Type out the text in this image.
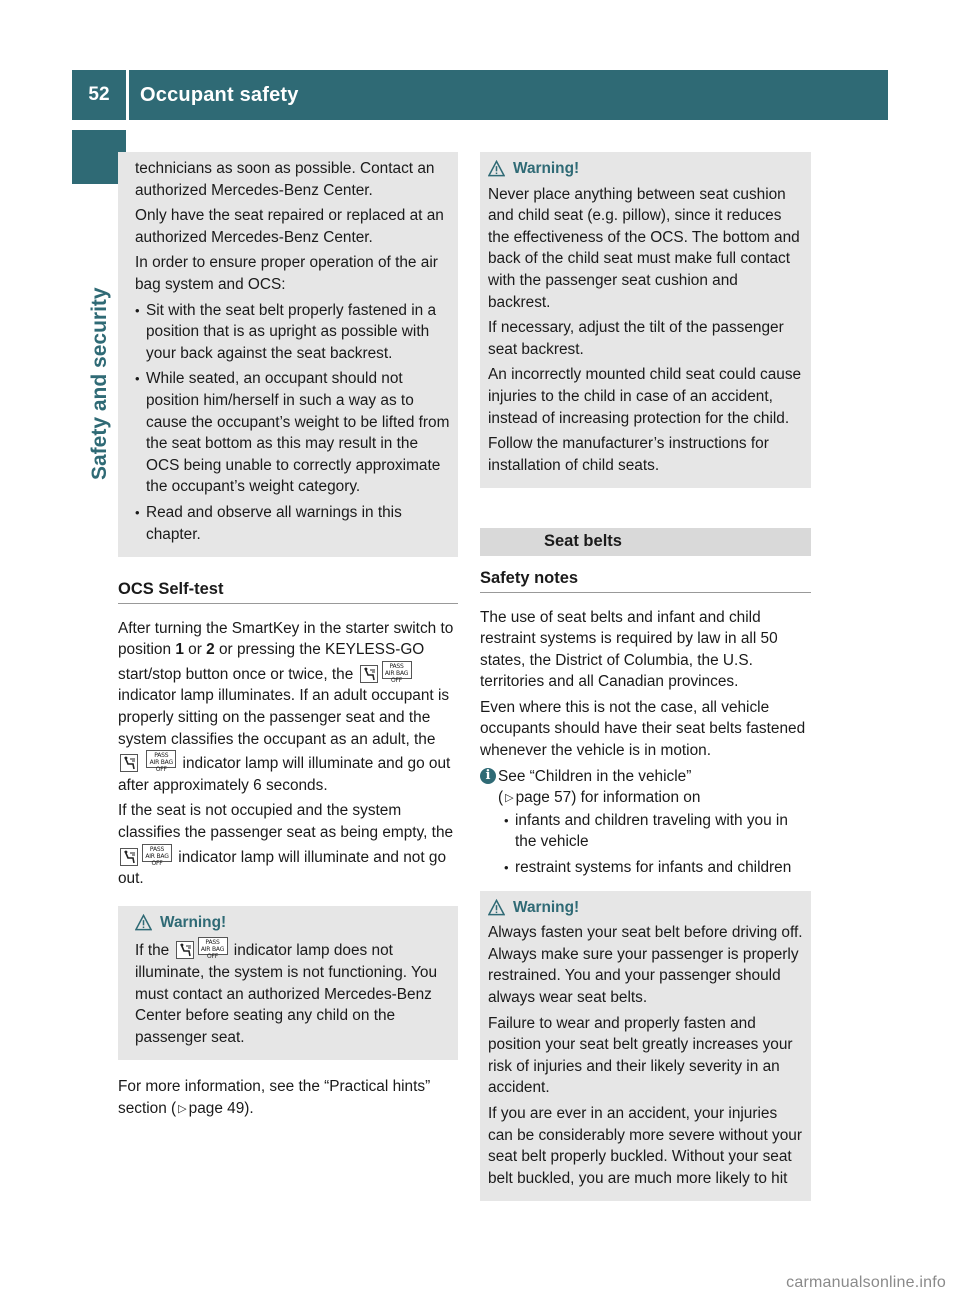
52	Occupant safety
Safety and security

technicians as soon as possible. Contact an authorized Mercedes-Benz Center.

Only have the seat repaired or replaced at an authorized Mercedes-Benz Center.

In order to ensure proper operation of the air bag system and OCS:

• Sit with the seat belt properly fastened in a position that is as upright as possible with your back against the seat backrest.
• While seated, an occupant should not position him/herself in such a way as to cause the occupant’s weight to be lifted from the seat bottom as this may result in the OCS being unable to correctly approximate the occupant’s weight category.
• Read and observe all warnings in this chapter.
OCS Self-test

After turning the SmartKey in the starter switch to position 1 or 2 or pressing the KEYLESS-GO start/stop button once or twice, the	PASS
AIR BAG OFF indicator lamp illuminates. If an adult occupant is properly sitting on the passenger seat and the system classifies the occupant as an adult, the  PASS
AIR BAG OFF indicator lamp will illuminate and go out after approximately 6 seconds.

If the seat is not occupied and the system classifies the passenger seat as being empty, the PASS
AIR BAG OFF indicator lamp will illuminate and not go out.

Warning!

If the	PASS
AIR BAG OFF indicator lamp does not illuminate, the system is not functioning. You must contact an authorized Mercedes-Benz Center before seating any child on the passenger seat.

For more information, see the “Practical hints” section ( ▷ page 49).

Warning!

Never place anything between seat cushion and child seat (e.g. pillow), since it reduces the effectiveness of the OCS. The bottom and back of the child seat must make full contact with the passenger seat cushion and backrest.

If necessary, adjust the tilt of the passenger seat backrest.

An incorrectly mounted child seat could cause injuries to the child in case of an accident, instead of increasing protection for the child.

Follow the manufacturer’s instructions for installation of child seats.

Seat belts
Safety notes

The use of seat belts and infant and child restraint systems is required by law in all 50 states, the District of Columbia, the U.S. territories and all Canadian provinces.

Even where this is not the case, all vehicle occupants should have their seat belts fastened whenever the vehicle is in motion.

i See “Children in the vehicle”
( ▷ page 57) for information on
• infants and children traveling with you in the vehicle
• restraint systems for infants and children
Warning!

Always fasten your seat belt before driving off. Always make sure your passenger is properly restrained. You and your passenger should always wear seat belts.

Failure to wear and properly fasten and position your seat belt greatly increases your risk of injuries and their likely severity in an accident.

If you are ever in an accident, your injuries can be considerably more severe without your seat belt properly buckled. Without your seat belt buckled, you are much more likely to hit

carmanualsonline.info
